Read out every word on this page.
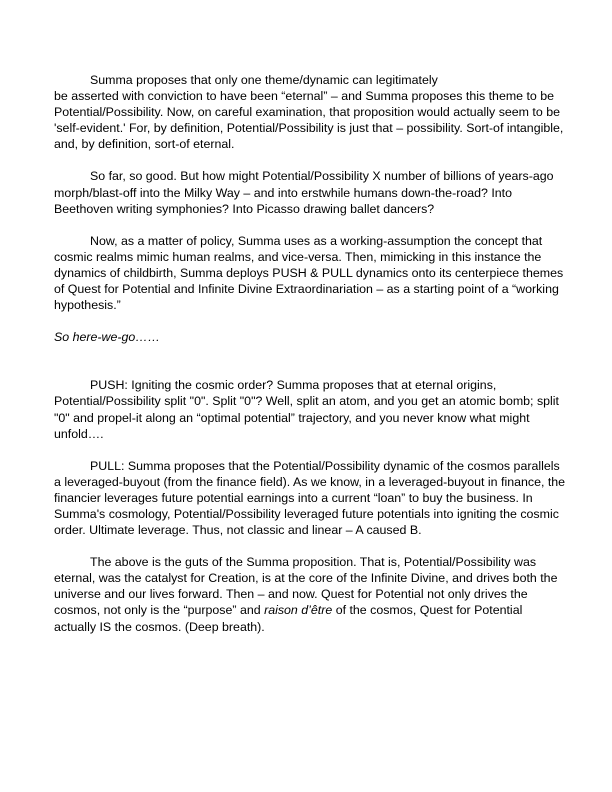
Summa proposes that only one theme/dynamic can legitimately
be asserted with conviction to have been “eternal” – and Summa proposes this theme to be Potential/Possibility. Now, on careful examination, that proposition would actually seem to be 'self-evident.' For, by definition, Potential/Possibility is just that – possibility. Sort-of intangible, and, by definition, sort-of eternal.

So far, so good. But how might Potential/Possibility X number of billions of years-ago morph/blast-off into the Milky Way – and into erstwhile humans down-the-road? Into Beethoven writing symphonies? Into Picasso drawing ballet dancers?

Now, as a matter of policy, Summa uses as a working-assumption the concept that cosmic realms mimic human realms, and vice-versa. Then, mimicking in this instance the dynamics of childbirth, Summa deploys PUSH & PULL dynamics onto its centerpiece themes of Quest for Potential and Infinite Divine Extraordinariation – as a starting point of a “working hypothesis.”

So here-we-go……

PUSH: Igniting the cosmic order? Summa proposes that at eternal origins, Potential/Possibility split "0". Split "0"? Well, split an atom, and you get an atomic bomb; split "0" and propel-it along an “optimal potential” trajectory, and you never know what might unfold….

PULL: Summa proposes that the Potential/Possibility dynamic of the cosmos parallels a leveraged-buyout (from the finance field). As we know, in a leveraged-buyout in finance, the financier leverages future potential earnings into a current “loan” to buy the business. In Summa's cosmology, Potential/Possibility leveraged future potentials into igniting the cosmic order. Ultimate leverage. Thus, not classic and linear – A caused B.

The above is the guts of the Summa proposition. That is, Potential/Possibility was eternal, was the catalyst for Creation, is at the core of the Infinite Divine, and drives both the universe and our lives forward. Then – and now. Quest for Potential not only drives the cosmos, not only is the “purpose” and raison d’être of the cosmos, Quest for Potential actually IS the cosmos. (Deep breath).
